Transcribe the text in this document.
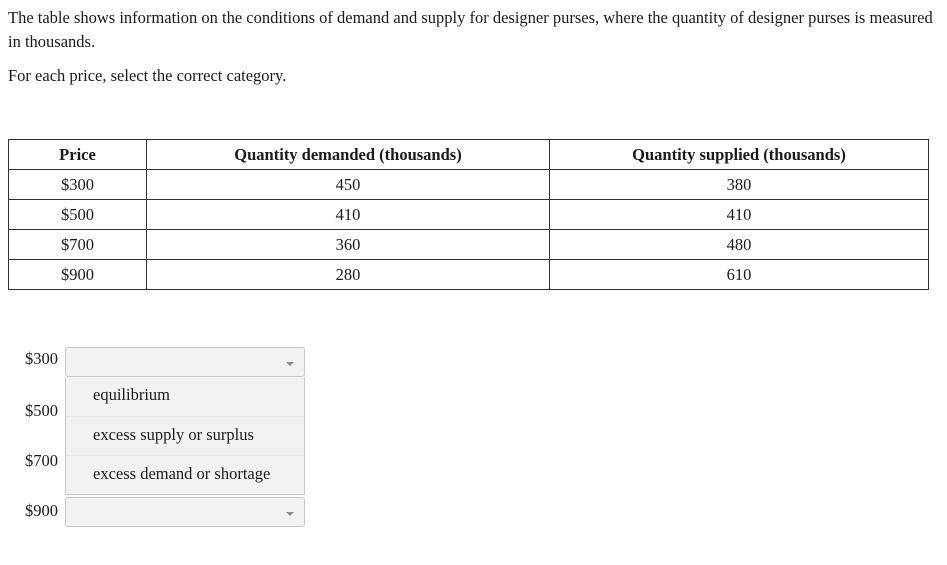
The table shows information on the conditions of demand and supply for designer purses, where the quantity of designer purses is measured in thousands.

For each price, select the correct category.

Price	Quantity demanded (thousands)	Quantity supplied (thousands)
$300	450	380
$500	410	410
$700	360	480
$900	280	610
$300
$500
$700
$900
equilibrium
excess supply or surplus
excess demand or shortage
